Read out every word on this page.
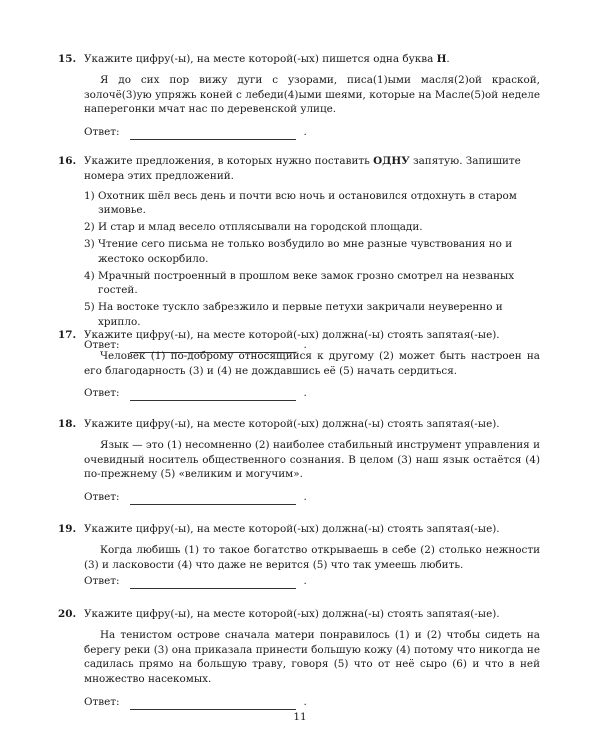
15. Укажите цифру(-ы), на месте которой(-ых) пишется одна буква Н.
Я до сих пор вижу дуги с узорами, писа(1)ыми масля(2)ой краской, золочё(3)ую упряжь коней с лебеди(4)ыми шеями, которые на Масле(5)ой неделе наперегонки мчат нас по деревенской улице.
Ответ:	.
16. Укажите предложения, в которых нужно поставить ОДНУ запятую. Запишите номера этих предложений.
1) Охотник шёл весь день и почти всю ночь и остановился отдохнуть в старом зимовье.
2) И стар и млад весело отплясывали на городской площади.
3) Чтение сего письма не только возбудило во мне разные чувствования но и жестоко оскорбило.
4) Мрачный построенный в прошлом веке замок грозно смотрел на незваных гостей.
5) На востоке тускло забрезжило и первые петухи закричали неуверенно и хрипло.
Ответ:	.
17. Укажите цифру(-ы), на месте которой(-ых) должна(-ы) стоять запятая(-ые).
Человек (1) по-доброму относящийся к другому (2) может быть настроен на его благодарность (3) и (4) не дождавшись её (5) начать сердиться.
Ответ:	.
18. Укажите цифру(-ы), на месте которой(-ых) должна(-ы) стоять запятая(-ые).
Язык — это (1) несомненно (2) наиболее стабильный инструмент управления и очевидный носитель общественного сознания. В целом (3) наш язык остаётся (4) по-прежнему (5) «великим и могучим».
Ответ:	.
19. Укажите цифру(-ы), на месте которой(-ых) должна(-ы) стоять запятая(-ые).
Когда любишь (1) то такое богатство открываешь в себе (2) столько нежности (3) и ласковости (4) что даже не верится (5) что так умеешь любить.
Ответ:	.
20. Укажите цифру(-ы), на месте которой(-ых) должна(-ы) стоять запятая(-ые).
На тенистом острове сначала матери понравилось (1) и (2) чтобы сидеть на берегу реки (3) она приказала принести большую кожу (4) потому что никогда не садилась прямо на большую траву, говоря (5) что от неё сыро (6) и что в ней множество насекомых.
Ответ:	.
11
